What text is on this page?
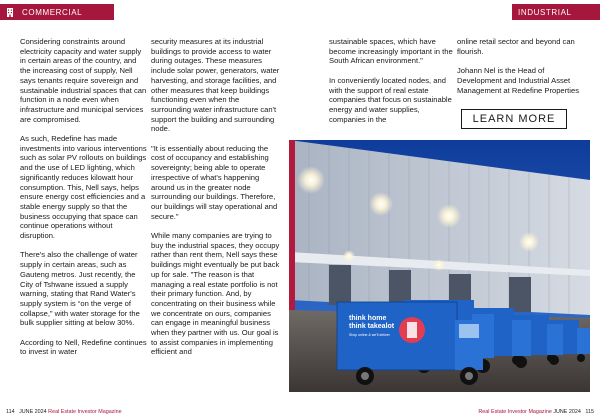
COMMERCIAL	INDUSTRIAL

Considering constraints around electricity capacity and water supply in certain areas of the country, and the increasing cost of supply, Nell says tenants require sovereign and sustainable industrial spaces that can function in a node even when infrastructure and municipal services are compromised.

As such, Redefine has made investments into various interventions such as solar PV rollouts on buildings and the use of LED lighting, which significantly reduces kilowatt hour consumption. This, Nell says, helps ensure energy cost efficiencies and a stable energy supply so that the business occupying that space can continue operations without disruption.

There's also the challenge of water supply in certain areas, such as Gauteng metros. Just recently, the City of Tshwane issued a supply warning, stating that Rand Water's supply system is “on the verge of collapse,” with water storage for the bulk supplier sitting at below 30%.

According to Nell, Redefine continues to invest in water

security measures at its industrial buildings to provide access to water during outages. These measures include solar power, generators, water harvesting, and storage facilities, and other measures that keep buildings functioning even when the surrounding water infrastructure can't support the building and surrounding node.

"It is essentially about reducing the cost of occupancy and establishing sovereignty; being able to operate irrespective of what's happening around us in the greater node surrounding our buildings. Therefore, our buildings will stay operational and secure."

While many companies are trying to buy the industrial spaces, they occupy rather than rent them, Nell says these buildings might eventually be put back up for sale. "The reason is that managing a real estate portfolio is not their primary function. And, by concentrating on their business while we concentrate on ours, companies can engage in meaningful business when they partner with us. Our goal is to assist companies in implementing efficient and

sustainable spaces, which have become increasingly important in the South African environment."

In conveniently located nodes, and with the support of real estate companies that focus on sustainable energy and water supplies, companies in the

online retail sector and beyond can flourish.

Johann Nel is the Head of Development and Industrial Asset Management at Redefine Properties

LEARN MORE
think home
think takealot
Shop online & we'll deliver
114 JUNE 2024 Real Estate Investor Magazine	Real Estate Investor Magazine JUNE 2024 115
